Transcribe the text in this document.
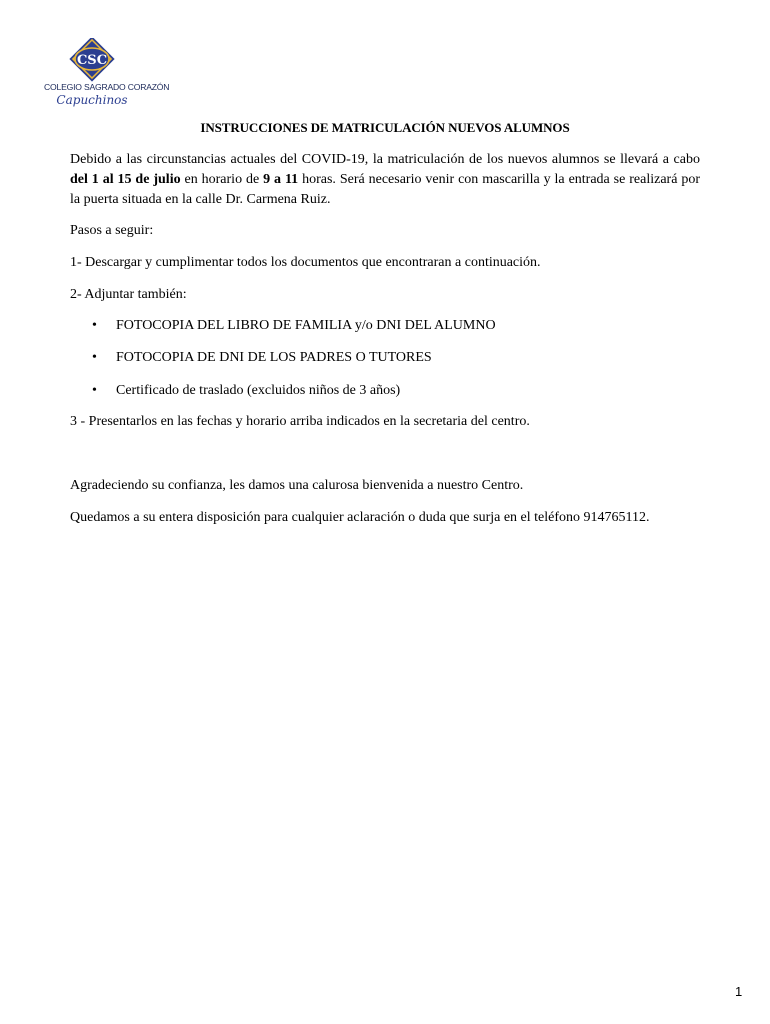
CSC
COLEGIO SAGRADO CORAZÓN
Capuchinos
INSTRUCCIONES DE MATRICULACIÓN NUEVOS ALUMNOS
Debido a las circunstancias actuales del COVID-19, la matriculación de los nuevos alumnos se llevará a cabo del 1 al 15 de julio en horario de 9 a 11 horas. Será necesario venir con mascarilla y la entrada se realizará por la puerta situada en la calle Dr. Carmena Ruiz.
Pasos a seguir:
1- Descargar y cumplimentar todos los documentos que encontraran a continuación.
2- Adjuntar también:
• FOTOCOPIA DEL LIBRO DE FAMILIA y/o DNI DEL ALUMNO
• FOTOCOPIA DE DNI DE LOS PADRES O TUTORES
• Certificado de traslado (excluidos niños de 3 años)
3 - Presentarlos en las fechas y horario arriba indicados en la secretaria del centro.
Agradeciendo su confianza, les damos una calurosa bienvenida a nuestro Centro.
Quedamos a su entera disposición para cualquier aclaración o duda que surja en el teléfono 914765112.
1
